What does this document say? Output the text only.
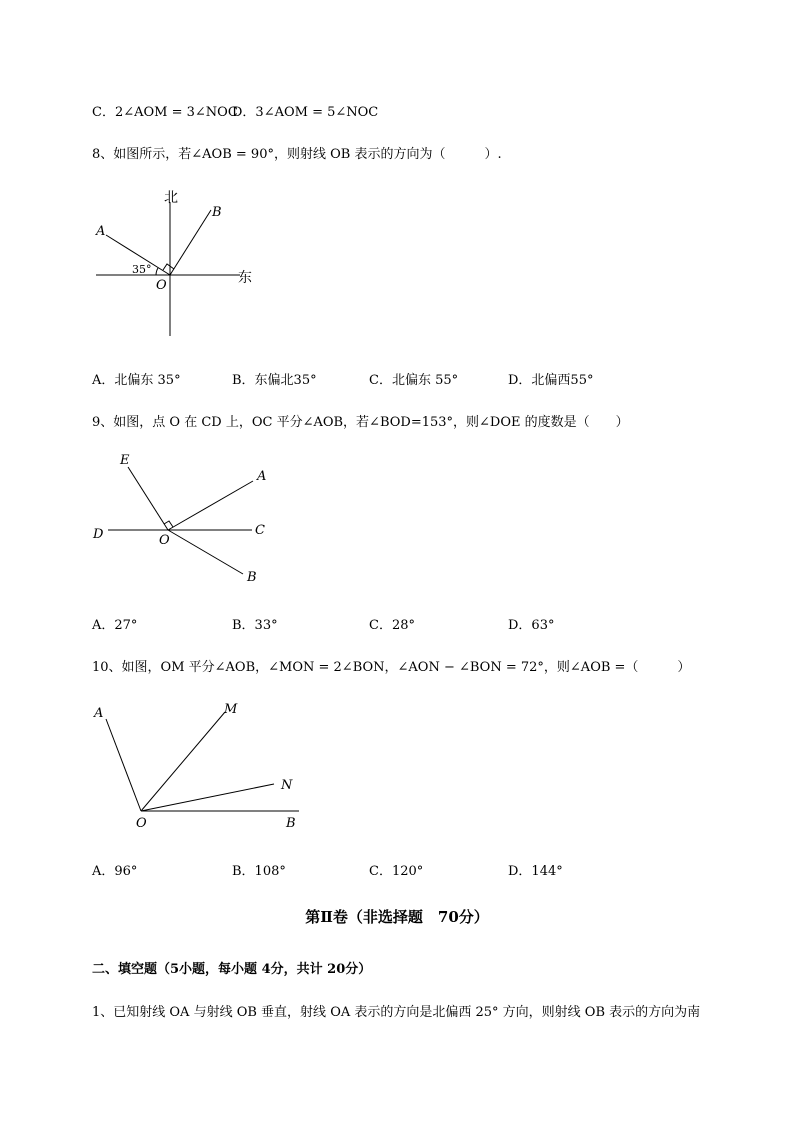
C．2∠AOM = 3∠NOC
D．3∠AOM = 5∠NOC
8、如图所示，若∠AOB = 90°，则射线 OB 表示的方向为（　　　）.
北
东
A
B
O
35°
A．北偏东 35°	B．东偏北35°	C．北偏东 55°	D．北偏西55°
9、如图，点 O 在 CD 上，OC 平分∠AOB，若∠BOD=153°，则∠DOE 的度数是（　　）
E
A
D	O
C
B
A．27°	B．33°	C．28°	D．63°
10、如图，OM 平分∠AOB，∠MON = 2∠BON，∠AON − ∠BON = 72°，则∠AOB =（　　　）
A	M
N
O	B
A．96°	B．108°	C．120°	D．144°
第Ⅱ卷（非选择题　70分）
二、填空题（5小题，每小题 4分，共计 20分）
1、已知射线 OA 与射线 OB 垂直，射线 OA 表示的方向是北偏西 25° 方向，则射线 OB 表示的方向为南
